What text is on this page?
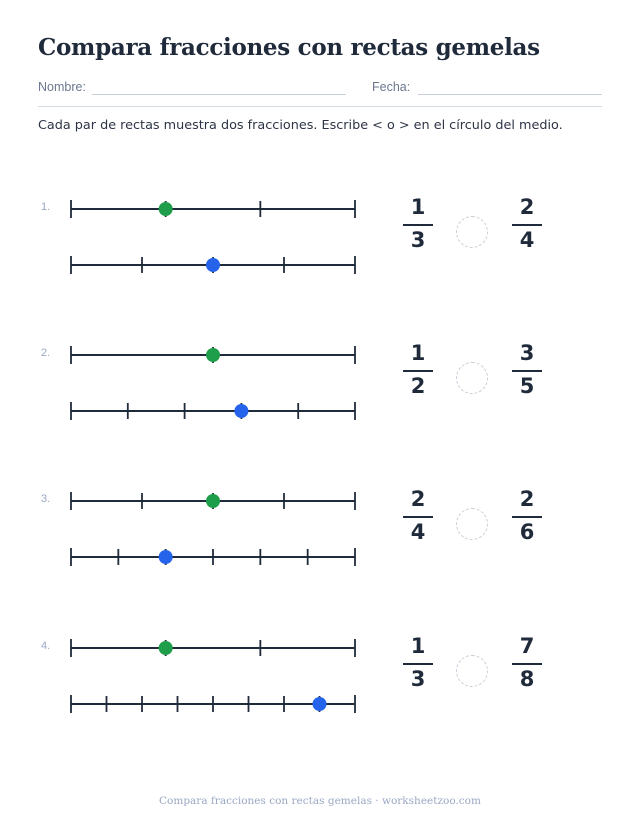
Compara fracciones con rectas gemelas
Nombre:	Fecha:
Cada par de rectas muestra dos fracciones. Escribe < o > en el círculo del medio.
1.	1
3
2
4
2.	1
2
3
5
3.	2
4
2
6
4.	1
3
7
8
Compara fracciones con rectas gemelas · worksheetzoo.com
